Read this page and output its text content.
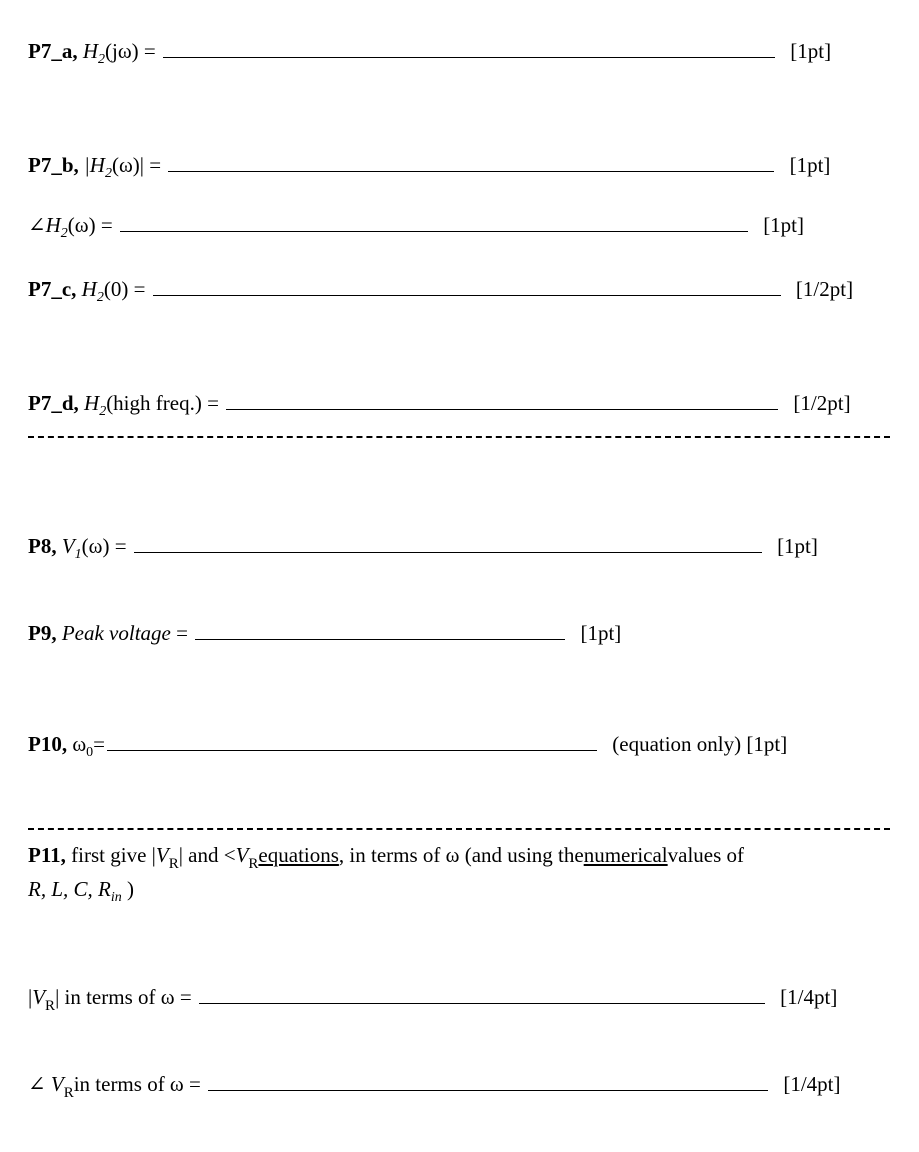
P7_a, $H_2(j\omega)$ =	[1pt]
P7_b, $|H_2(\omega)|$ =	[1pt]
$\angle H_2(\omega)$ =	[1pt]
P7_c, $H_2(0)$ =	[1/2pt]
P7_d, $H_2(high$ freq.) =	[1/2pt]
P8, $V_1(\omega)$ =	[1pt]
P9, Peak voltage =	[1pt]
P10, $\omega_0=$	(equation only) [1pt]
P11, first give |VR| and <VRequations, in terms of ω (and using thenumericalvalues of
R, L, C, $R_{in}$ )
|VR| in terms of ω =	[1/4pt]
∠ VRin terms of ω =	[1/4pt]
